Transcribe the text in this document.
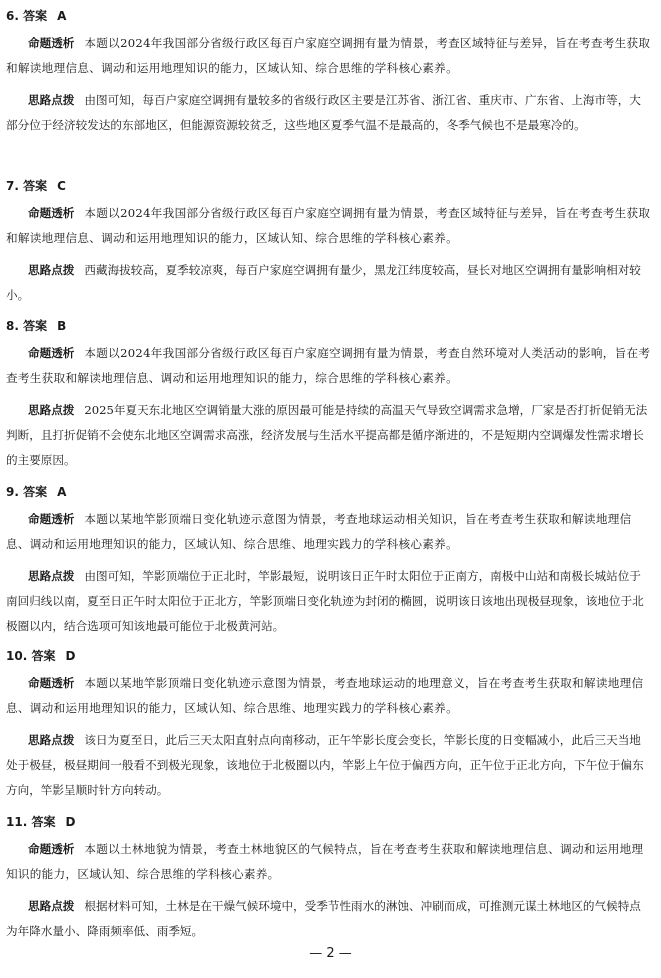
6. 答案 A

命题透析 本题以2024年我国部分省级行政区每百户家庭空调拥有量为情景，考查区域特征与差异，旨在考查考生获取和解读地理信息、调动和运用地理知识的能力，区域认知、综合思维的学科核心素养。

思路点拨 由图可知，每百户家庭空调拥有量较多的省级行政区主要是江苏省、浙江省、重庆市、广东省、上海市等，大部分位于经济较发达的东部地区，但能源资源较贫乏，这些地区夏季气温不是最高的，冬季气候也不是最寒冷的。

7. 答案 C

命题透析 本题以2024年我国部分省级行政区每百户家庭空调拥有量为情景，考查区域特征与差异，旨在考查考生获取和解读地理信息、调动和运用地理知识的能力，区域认知、综合思维的学科核心素养。

思路点拨 西藏海拔较高，夏季较凉爽，每百户家庭空调拥有量少，黑龙江纬度较高，昼长对地区空调拥有量影响相对较小。

8. 答案 B

命题透析 本题以2024年我国部分省级行政区每百户家庭空调拥有量为情景，考查自然环境对人类活动的影响，旨在考查考生获取和解读地理信息、调动和运用地理知识的能力，综合思维的学科核心素养。

思路点拨 2025年夏天东北地区空调销量大涨的原因最可能是持续的高温天气导致空调需求急增，厂家是否打折促销无法判断，且打折促销不会使东北地区空调需求高涨，经济发展与生活水平提高都是循序渐进的，不是短期内空调爆发性需求增长的主要原因。

9. 答案 A

命题透析 本题以某地竿影顶端日变化轨迹示意图为情景，考查地球运动相关知识，旨在考查考生获取和解读地理信息、调动和运用地理知识的能力，区域认知、综合思维、地理实践力的学科核心素养。

思路点拨 由图可知，竿影顶端位于正北时，竿影最短，说明该日正午时太阳位于正南方，南极中山站和南极长城站位于南回归线以南，夏至日正午时太阳位于正北方，竿影顶端日变化轨迹为封闭的椭圆，说明该日该地出现极昼现象，该地位于北极圈以内，结合选项可知该地最可能位于北极黄河站。

10. 答案 D

命题透析 本题以某地竿影顶端日变化轨迹示意图为情景，考查地球运动的地理意义，旨在考查考生获取和解读地理信息、调动和运用地理知识的能力，区域认知、综合思维、地理实践力的学科核心素养。

思路点拨 该日为夏至日，此后三天太阳直射点向南移动，正午竿影长度会变长，竿影长度的日变幅减小，此后三天当地处于极昼，极昼期间一般看不到极光现象，该地位于北极圈以内，竿影上午位于偏西方向，正午位于正北方向，下午位于偏东方向，竿影呈顺时针方向转动。

11. 答案 D

命题透析 本题以土林地貌为情景，考查土林地貌区的气候特点，旨在考查考生获取和解读地理信息、调动和运用地理知识的能力，区域认知、综合思维的学科核心素养。

思路点拨 根据材料可知，土林是在干燥气候环境中，受季节性雨水的淋蚀、冲刷而成，可推测元谋土林地区的气候特点为年降水量小、降雨频率低、雨季短。

— 2 —
